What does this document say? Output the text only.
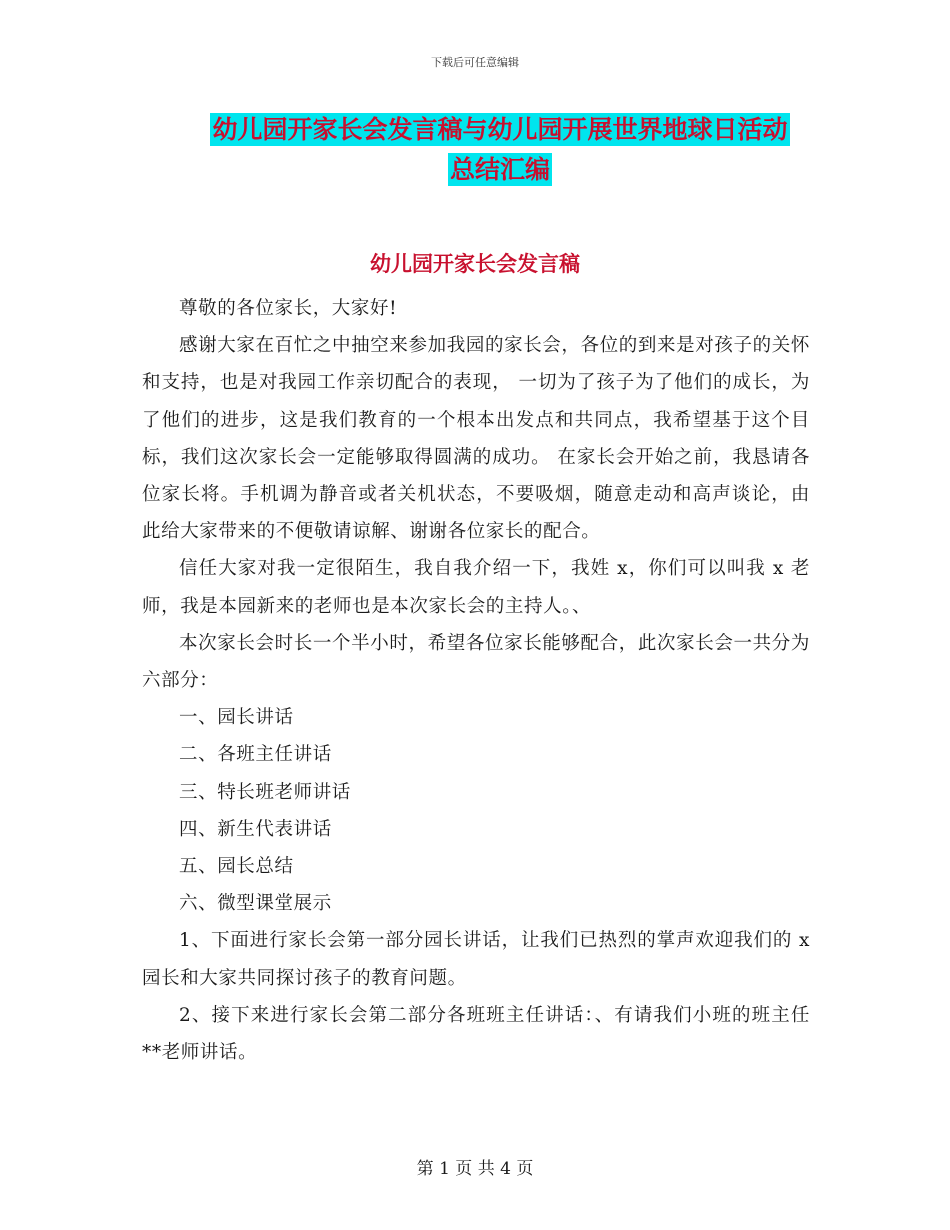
下载后可任意编辑
幼儿园开家长会发言稿与幼儿园开展世界地球日活动
总结汇编
幼儿园开家长会发言稿

尊敬的各位家长，大家好!

感谢大家在百忙之中抽空来参加我园的家长会，各位的到来是对孩子的关怀和支持，也是对我园工作亲切配合的表现， 一切为了孩子为了他们的成长，为了他们的进步，这是我们教育的一个根本出发点和共同点，我希望基于这个目标，我们这次家长会一定能够取得圆满的成功。 在家长会开始之前，我恳请各位家长将。手机调为静音或者关机状态，不要吸烟，随意走动和高声谈论，由此给大家带来的不便敬请谅解、谢谢各位家长的配合。

信任大家对我一定很陌生，我自我介绍一下，我姓 x，你们可以叫我 x 老师，我是本园新来的老师也是本次家长会的主持人。、

本次家长会时长一个半小时，希望各位家长能够配合，此次家长会一共分为六部分：

一、园长讲话

二、各班主任讲话

三、特长班老师讲话

四、新生代表讲话

五、园长总结

六、微型课堂展示

1、下面进行家长会第一部分园长讲话，让我们已热烈的掌声欢迎我们的 x 园长和大家共同探讨孩子的教育问题。

2、接下来进行家长会第二部分各班班主任讲话：、有请我们小班的班主任**老师讲话。

第 1 页 共 4 页
